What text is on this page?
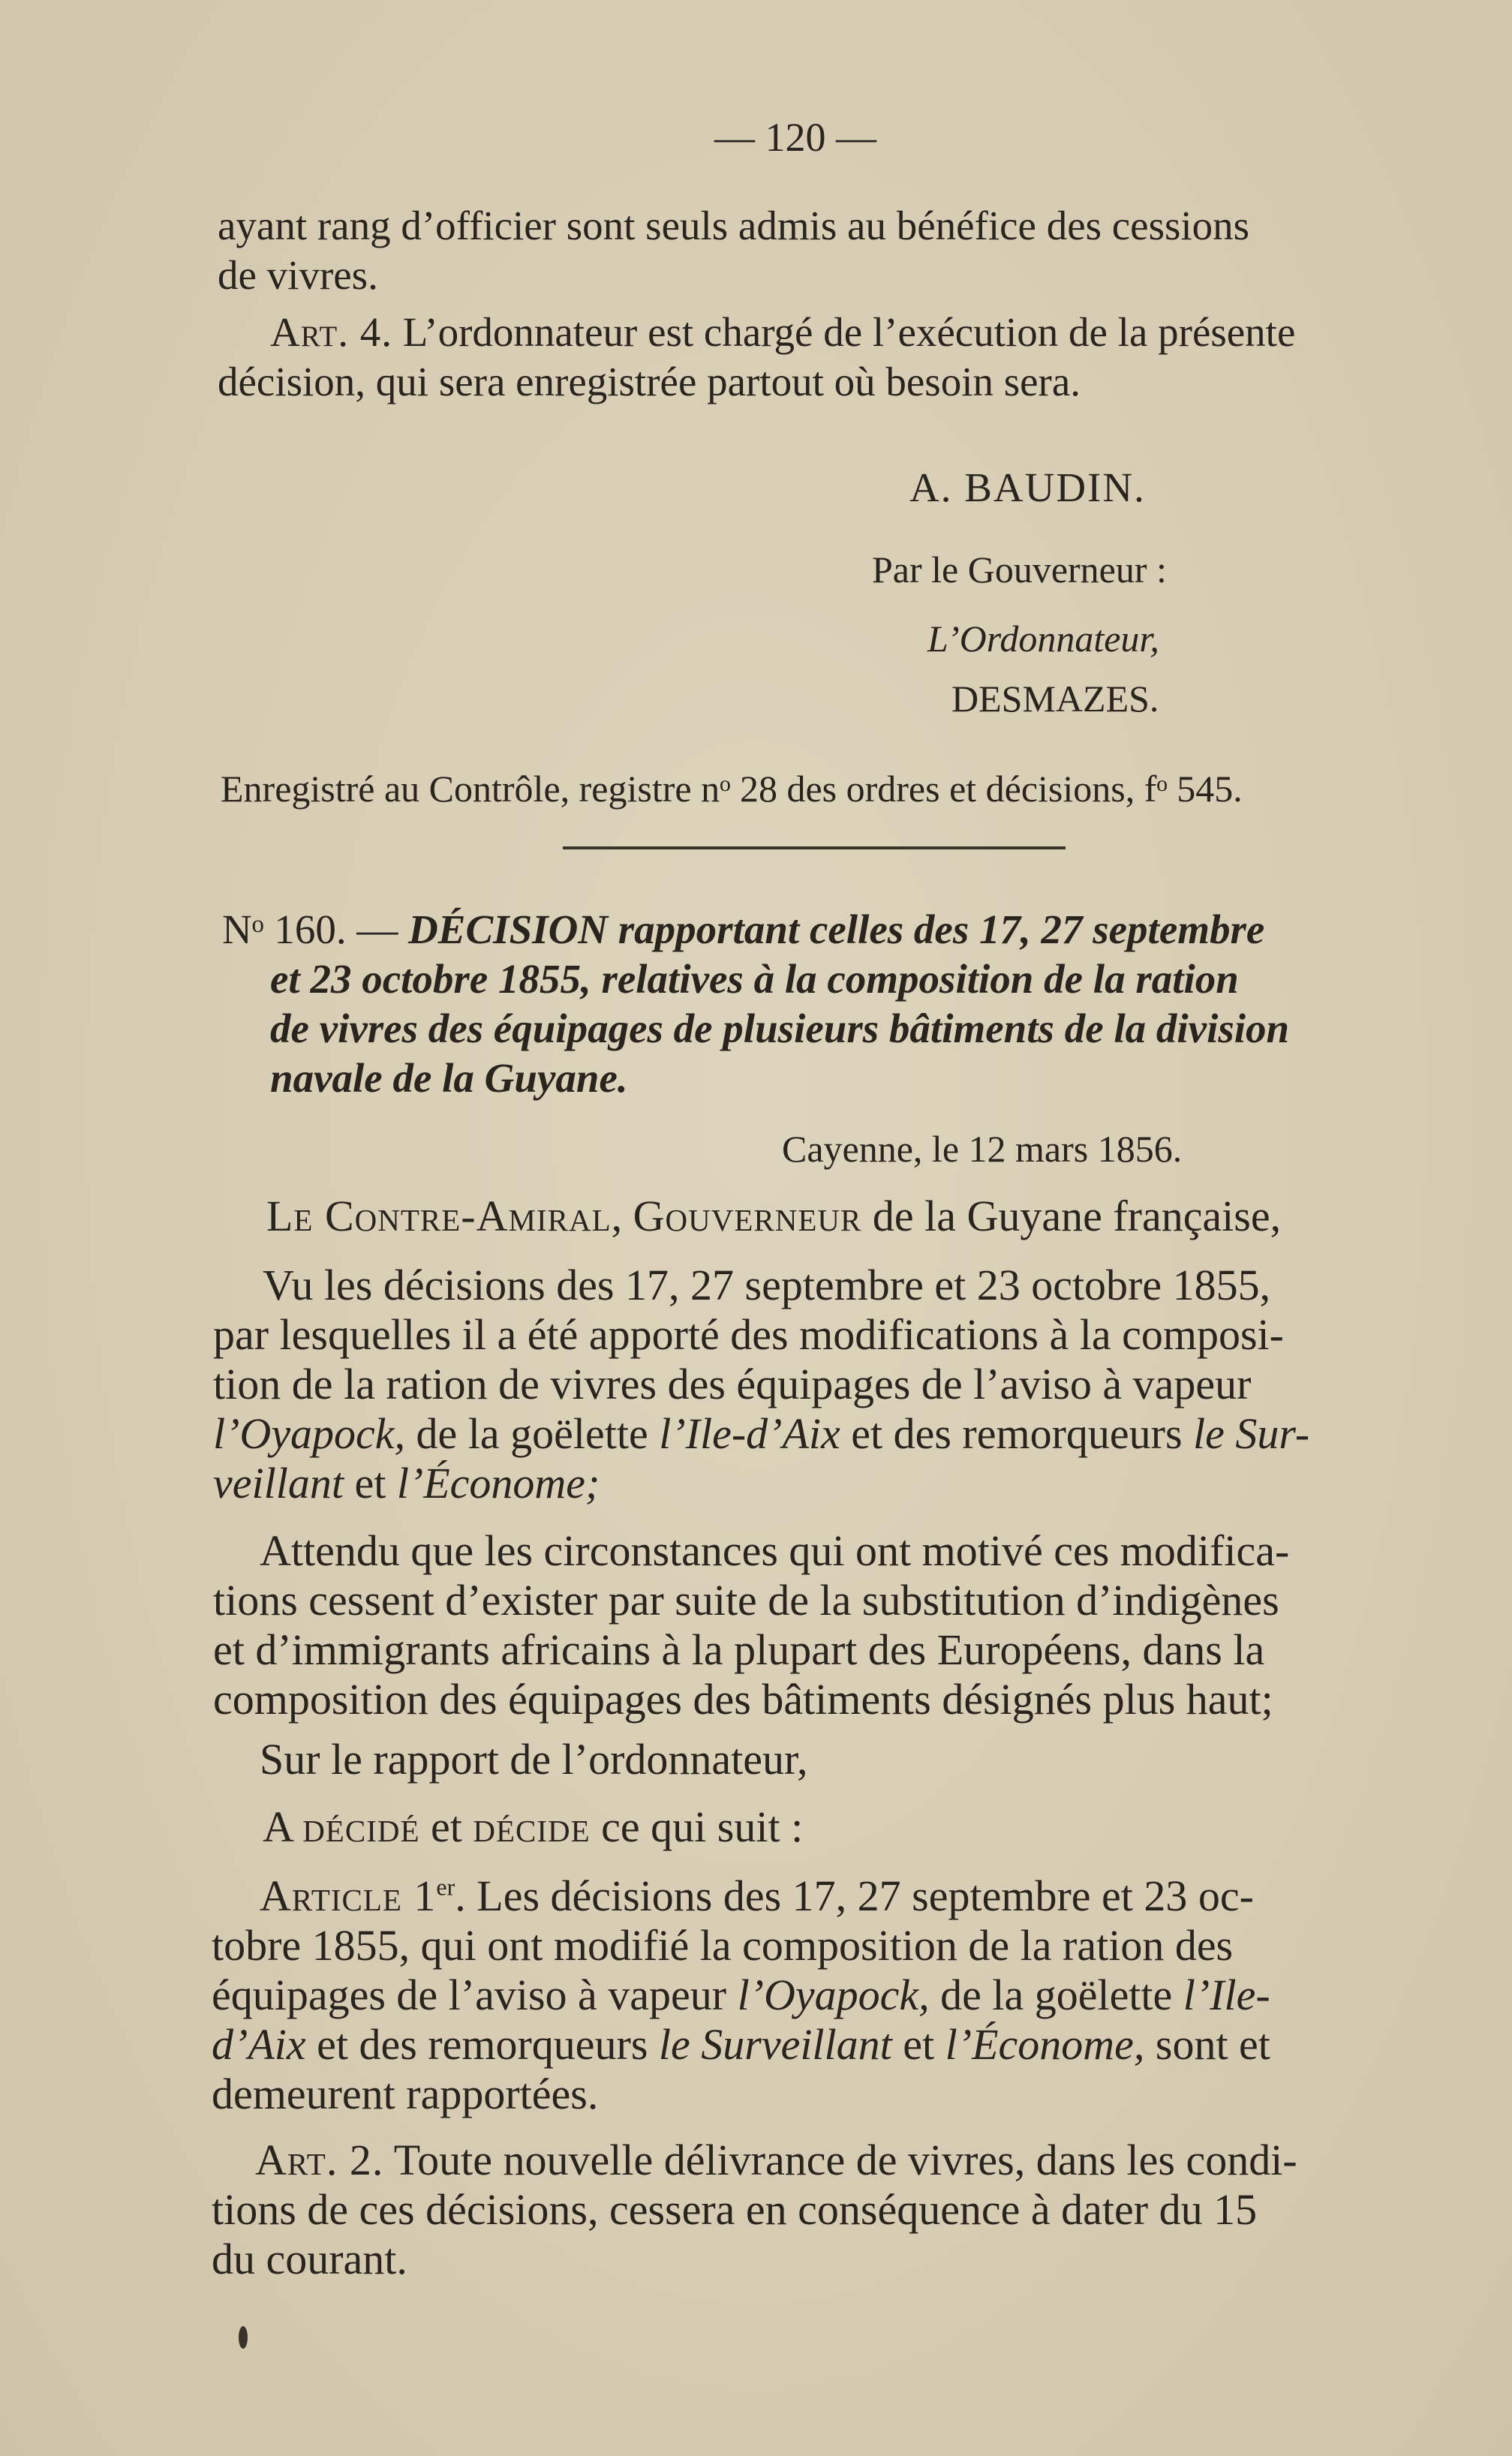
— 120 —
ayant rang d’officier sont seuls admis au bénéfice des cessions
de vivres.
Art. 4. L’ordonnateur est chargé de l’exécution de la présente
décision, qui sera enregistrée partout où besoin sera.
A. BAUDIN.
Par le Gouverneur :
L’Ordonnateur,
DESMAZES.
Enregistré au Contrôle, registre nᵒ 28 des ordres et décisions, fᵒ 545.
Nᵒ 160. — DÉCISION rapportant celles des 17, 27 septembre
et 23 octobre 1855, relatives à la composition de la ration
de vivres des équipages de plusieurs bâtiments de la division
navale de la Guyane.
Cayenne, le 12 mars 1856.
Le Contre-Amiral, Gouverneur de la Guyane française,
Vu les décisions des 17, 27 septembre et 23 octobre 1855,
par lesquelles il a été apporté des modifications à la composi-
tion de la ration de vivres des équipages de l’aviso à vapeur
l’Oyapock, de la goëlette l’Ile-d’Aix et des remorqueurs le Sur-
veillant et l’Économe;
Attendu que les circonstances qui ont motivé ces modifica-
tions cessent d’exister par suite de la substitution d’indigènes
et d’immigrants africains à la plupart des Européens, dans la
composition des équipages des bâtiments désignés plus haut;
Sur le rapport de l’ordonnateur,
A décidé et décide ce qui suit :
Article 1er. Les décisions des 17, 27 septembre et 23 oc-
tobre 1855, qui ont modifié la composition de la ration des
équipages de l’aviso à vapeur l’Oyapock, de la goëlette l’Ile-
d’Aix et des remorqueurs le Surveillant et l’Économe, sont et
demeurent rapportées.
Art. 2. Toute nouvelle délivrance de vivres, dans les condi-
tions de ces décisions, cessera en conséquence à dater du 15
du courant.
